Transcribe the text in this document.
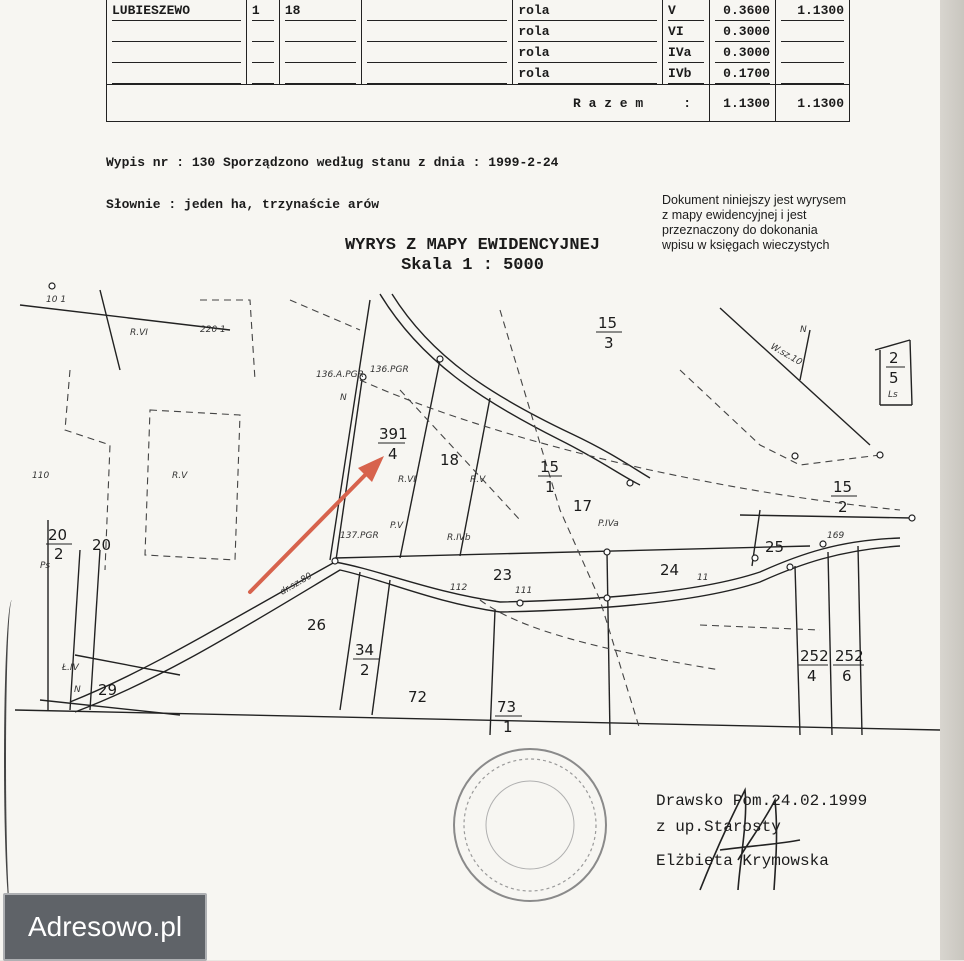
LUBIESZEWO	1	18		rola	V	0.3600	1.1300

				rola	VI	0.3000	

				rola	IVa	0.3000	

				rola	IVb	0.1700	

R a z e m :						1.1300	1.1300
Wypis nr : 130 Sporządzono według stanu z dnia : 1999-2-24
Słownie : jeden ha, trzynaście arów	Dokument niniejszy jest wyrysem
z mapy ewidencyjnej i jest
przeznaczony do dokonania
wpisu w księgach wieczystych
WYRYS Z MAPY EWIDENCYJNEJ
Skala 1 : 5000
391
4	18
15
3
15
1
17
23	24
25
26
34
2
72
73
1
252
4
252
6
15
2
2
5
Ls
20
2 20
29
10 1
220 1
110
136.A.PGR 136.PGR
137.PGR
dr.sz.80
W.sz.10
R.VI
R.V
R.IVb
R.VI	R.V
P.V	P.IVa
N
N
N
Ł.IV
Ps
112	111
11
169
Drawsko Pom.24.02.1999
z up.Starosty
Elżbieta Krymowska
Adresowo.pl
